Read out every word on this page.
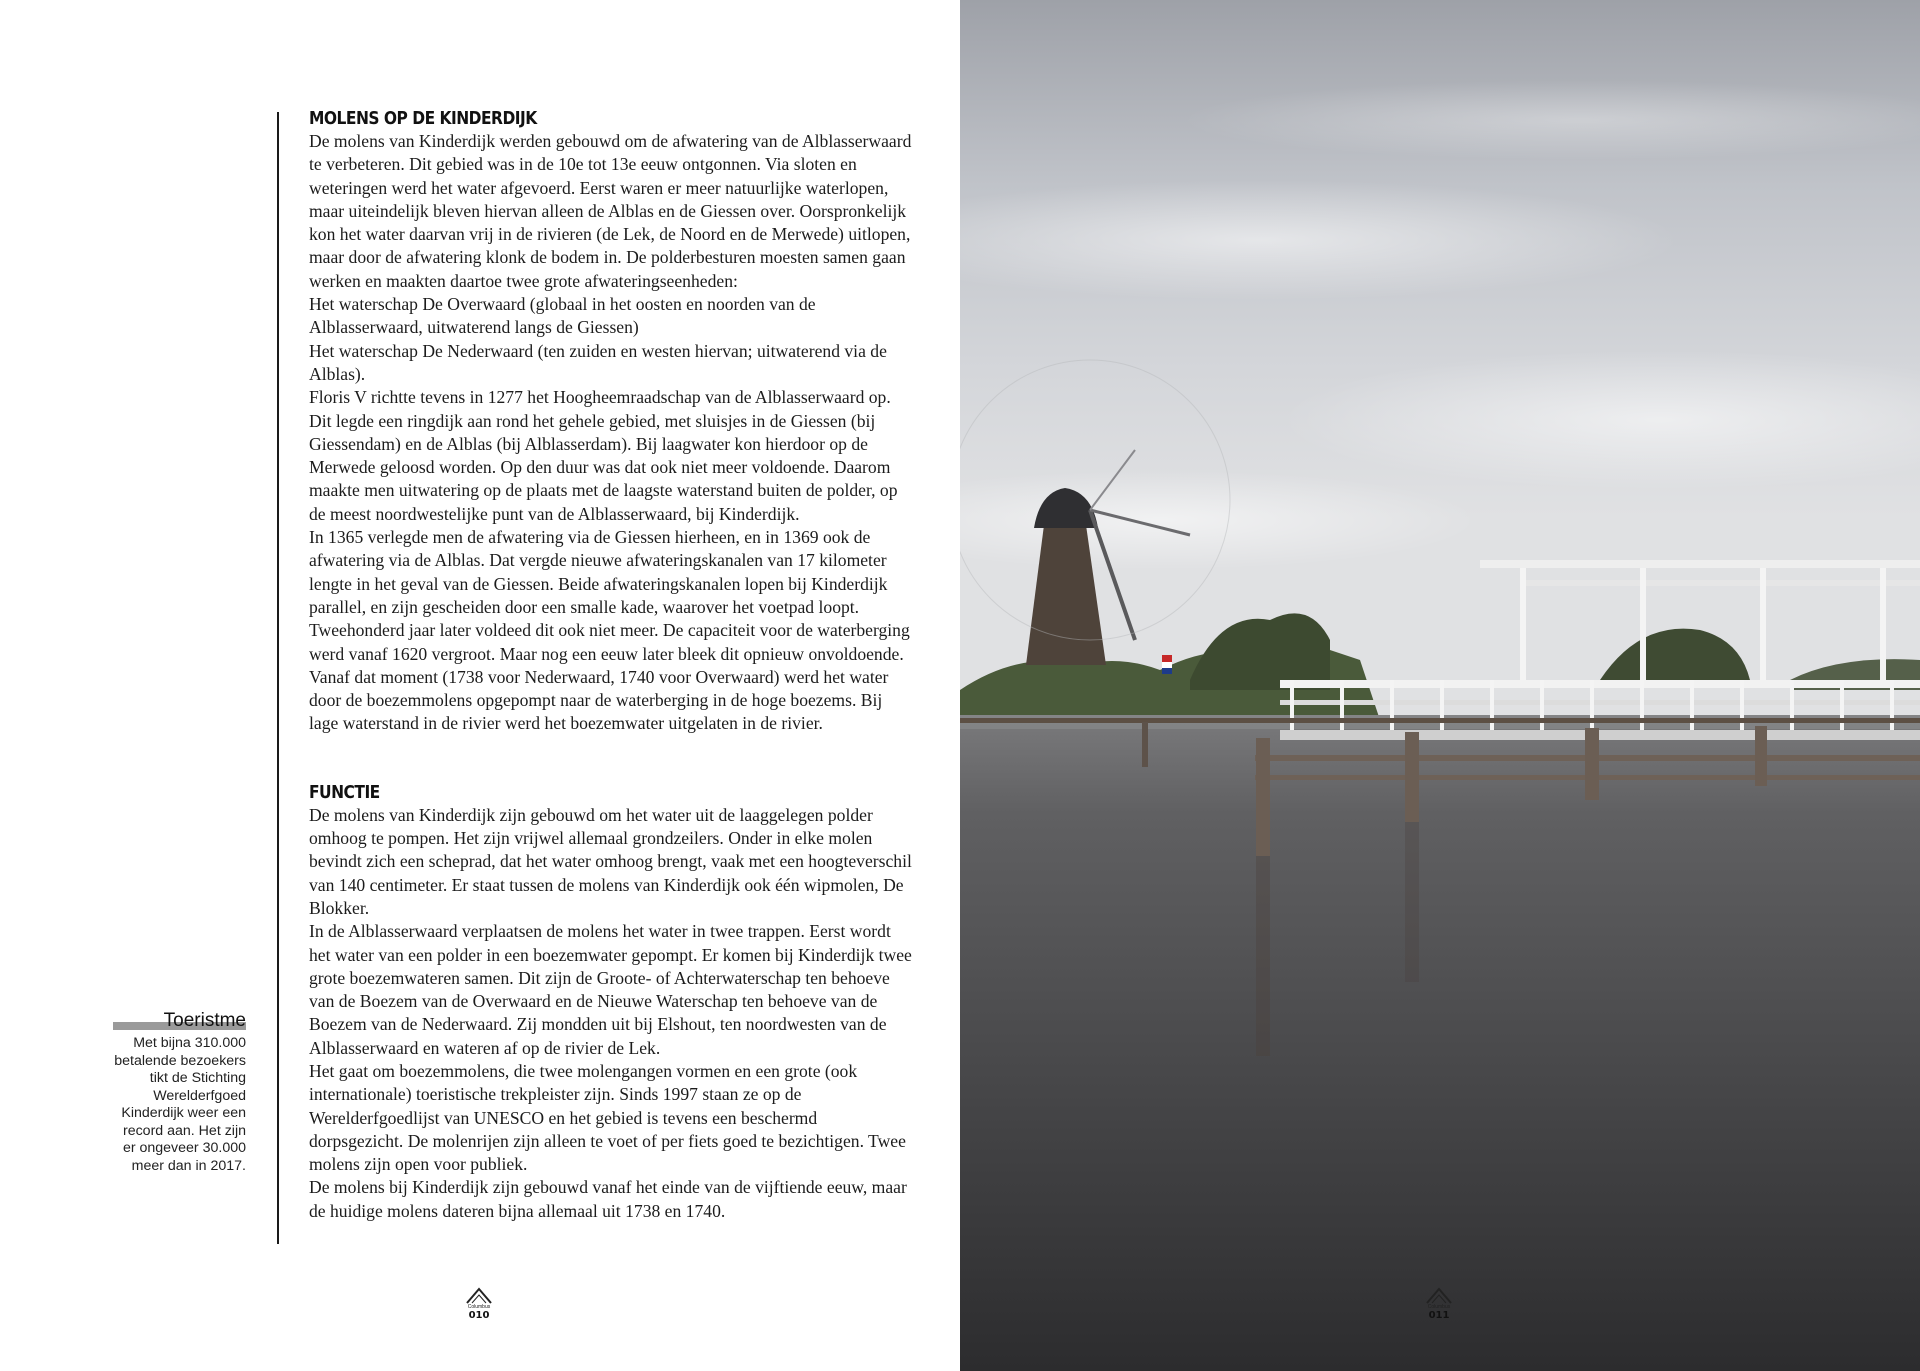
MOLENS OP DE KINDERDIJK

De molens van Kinderdijk werden gebouwd om de afwatering van de Alblasserwaard te verbeteren. Dit gebied was in de 10e tot 13e eeuw ontgonnen. Via sloten en weteringen werd het water afgevoerd. Eerst waren er meer natuurlijke waterlopen, maar uiteindelijk bleven hiervan alleen de Alblas en de Giessen over. Oorspronkelijk kon het water daarvan vrij in de rivieren (de Lek, de Noord en de Merwede) uitlopen, maar door de afwatering klonk de bodem in. De polderbesturen moesten samen gaan werken en maakten daartoe twee grote afwateringseenheden:

Het waterschap De Overwaard (globaal in het oosten en noorden van de Alblasserwaard, uitwaterend langs de Giessen)

Het waterschap De Nederwaard (ten zuiden en westen hiervan; uitwaterend via de Alblas).

Floris V richtte tevens in 1277 het Hoogheemraadschap van de Alblasserwaard op. Dit legde een ringdijk aan rond het gehele gebied, met sluisjes in de Giessen (bij Giessendam) en de Alblas (bij Alblasserdam). Bij laagwater kon hierdoor op de Merwede geloosd worden. Op den duur was dat ook niet meer voldoende. Daarom maakte men uitwatering op de plaats met de laagste waterstand buiten de polder, op de meest noordwestelijke punt van de Alblasserwaard, bij Kinderdijk.

In 1365 verlegde men de afwatering via de Giessen hierheen, en in 1369 ook de afwatering via de Alblas. Dat vergde nieuwe afwateringskanalen van 17 kilometer lengte in het geval van de Giessen. Beide afwateringskanalen lopen bij Kinderdijk parallel, en zijn gescheiden door een smalle kade, waarover het voetpad loopt. Tweehonderd jaar later voldeed dit ook niet meer. De capaciteit voor de waterberging werd vanaf 1620 vergroot. Maar nog een eeuw later bleek dit opnieuw onvoldoende. Vanaf dat moment (1738 voor Nederwaard, 1740 voor Overwaard) werd het water door de boezemmolens opgepompt naar de waterberging in de hoge boezems. Bij lage waterstand in de rivier werd het boezemwater uitgelaten in de rivier.

FUNCTIE

De molens van Kinderdijk zijn gebouwd om het water uit de laaggelegen polder omhoog te pompen. Het zijn vrijwel allemaal grondzeilers. Onder in elke molen bevindt zich een scheprad, dat het water omhoog brengt, vaak met een hoogteverschil van 140 centimeter. Er staat tussen de molens van Kinderdijk ook één wipmolen, De Blokker.

In de Alblasserwaard verplaatsen de molens het water in twee trappen. Eerst wordt het water van een polder in een boezemwater gepompt. Er komen bij Kinderdijk twee grote boezemwateren samen. Dit zijn de Groote- of Achterwaterschap ten behoeve van de Boezem van de Overwaard en de Nieuwe Waterschap ten behoeve van de Boezem van de Nederwaard. Zij mondden uit bij Elshout, ten noordwesten van de Alblasserwaard en wateren af op de rivier de Lek.

Het gaat om boezemmolens, die twee molengangen vormen en een grote (ook internationale) toeristische trekpleister zijn. Sinds 1997 staan ze op de Werelderfgoedlijst van UNESCO en het gebied is tevens een beschermd dorpsgezicht. De molenrijen zijn alleen te voet of per fiets goed te bezichtigen. Twee molens zijn open voor publiek.

De molens bij Kinderdijk zijn gebouwd vanaf het einde van de vijftiende eeuw, maar de huidige molens dateren bijna allemaal uit 1738 en 1740.

Toeristme

Met bijna 310.000 betalende bezoekers tikt de Stichting Werelderfgoed Kinderdijk weer een record aan. Het zijn er ongeveer 30.000 meer dan in 2017.

Columbus
010
Columbus
011
